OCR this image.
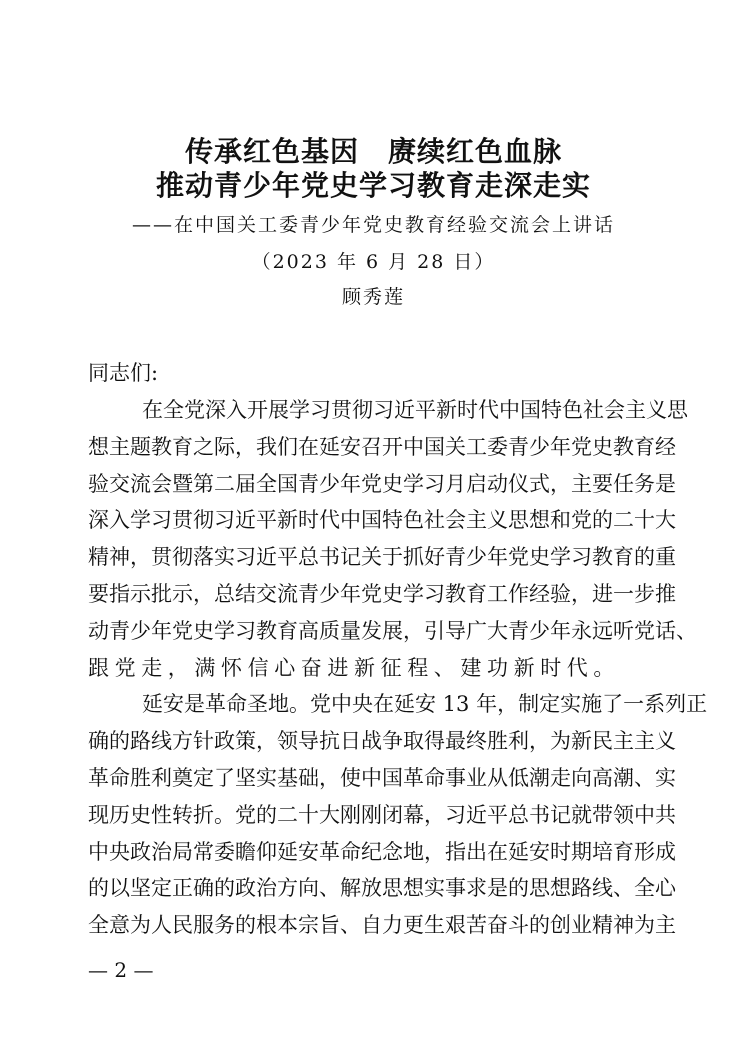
传承红色基因　赓续红色血脉
推动青少年党史学习教育走深走实
——在中国关工委青少年党史教育经验交流会上讲话
（2023 年 6 月 28 日）
顾秀莲
同志们:
在全党深入开展学习贯彻习近平新时代中国特色社会主义思
想主题教育之际，我们在延安召开中国关工委青少年党史教育经
验交流会暨第二届全国青少年党史学习月启动仪式，主要任务是
深入学习贯彻习近平新时代中国特色社会主义思想和党的二十大
精神，贯彻落实习近平总书记关于抓好青少年党史学习教育的重
要指示批示，总结交流青少年党史学习教育工作经验，进一步推
动青少年党史学习教育高质量发展，引导广大青少年永远听党话、
跟党走，满怀信心奋进新征程、建功新时代。
延安是革命圣地。党中央在延安 13 年，制定实施了一系列正
确的路线方针政策，领导抗日战争取得最终胜利，为新民主主义
革命胜利奠定了坚实基础，使中国革命事业从低潮走向高潮、实
现历史性转折。党的二十大刚刚闭幕，习近平总书记就带领中共
中央政治局常委瞻仰延安革命纪念地，指出在延安时期培育形成
的以坚定正确的政治方向、解放思想实事求是的思想路线、全心
全意为人民服务的根本宗旨、自力更生艰苦奋斗的创业精神为主
— 2 —
